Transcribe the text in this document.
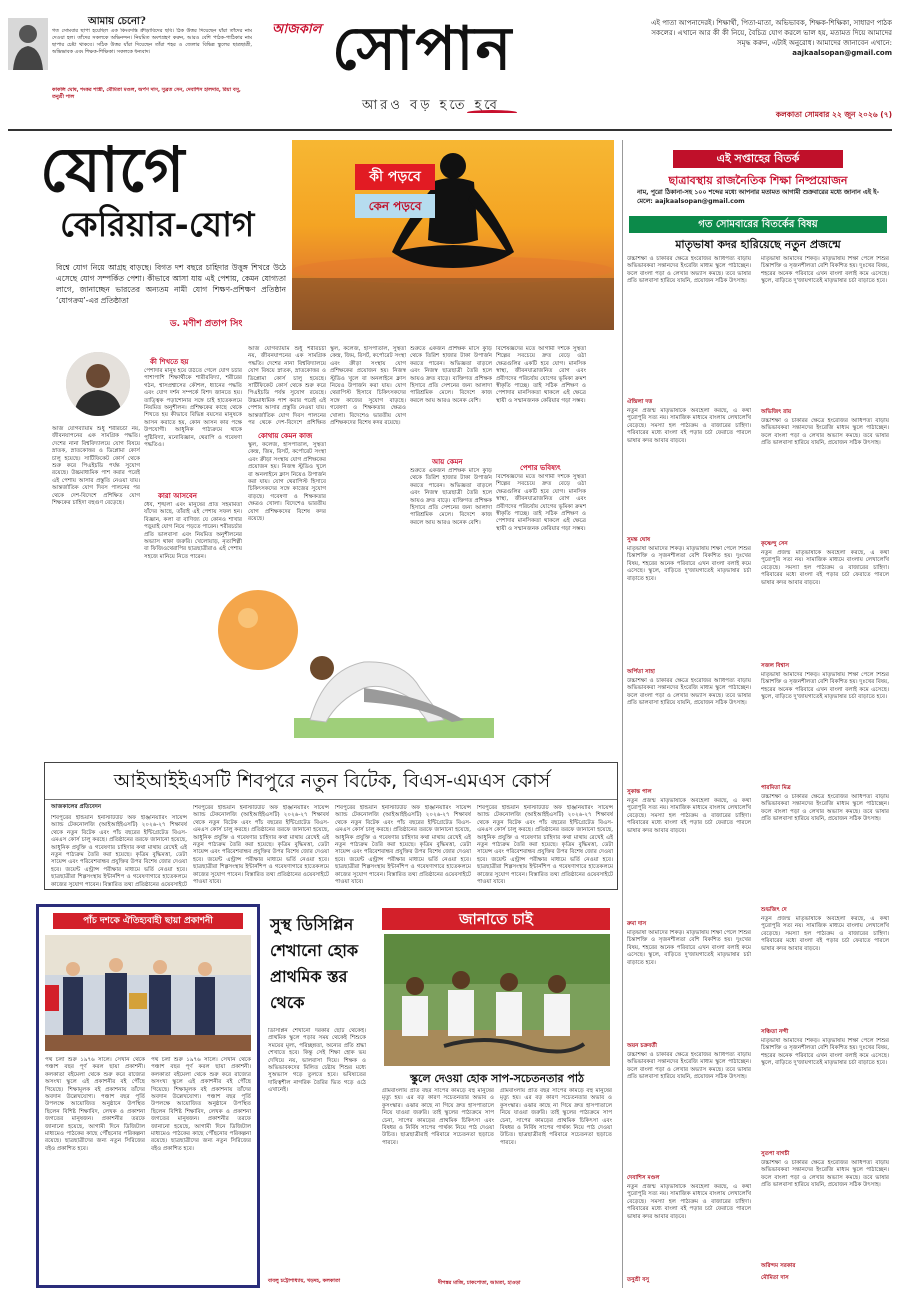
আমায় চেনো?
গত সোমবার ছাপা হয়েছিল এক কিংবদন্তি ক্রীড়াবিদের ছবি। ঠিক উত্তর দিয়েছেন যাঁরা তাঁদের নাম দেওয়া হল। তাঁদের সকলকে অভিনন্দন। নিয়মিত অংশগ্রহণ করুন, আরও বেশি পাঠক-পাঠিকার নাম ছাপার চেষ্টা থাকবে। সঠিক উত্তর যাঁরা দিয়েছেন তাঁরা শহর ও জেলার বিভিন্ন স্কুলের ছাত্রছাত্রী, অভিভাবক এবং শিক্ষক-শিক্ষিকা। সকলকে ধন্যবাদ।
কাকলি ঘোষ, শংকর শাস্ত্রী, মৌমিতা মণ্ডল, অর্পণ দাস, সুব্রত সেন, দেবাশিস হালদার, রিয়া বসু, তনুশ্রী পাল
আজকাল সোপান
আরও বড় হতে হবে
এই পাতা আপনাদেরই। শিক্ষার্থী, পিতা-মাতা, অভিভাবক, শিক্ষক-শিক্ষিকা, সাধারণ পাঠক সকলের। এখানে আর কী কী নিয়ে, বৈচিত্র যোগ করলে ভাল হয়, মতামত দিয়ে আমাদের সমৃদ্ধ করুন, এটাই অনুরোধ। আমাদের জানাবেন এখানে: aajkaalsopan@gmail.com
কলকাতা সোমবার ২২ জুন ২০২৬ (৭)
যোগে
কেরিয়ার-যোগ
বিশ্বে যোগ নিয়ে আগ্রহ বাড়ছে। বিগত দশ বছরে চাহিদার উত্তুঙ্গ শিখরে উঠে এসেছে যোগ সম্পর্কিত পেশা। কীভাবে আসা যায় এই পেশায়, কেমন যোগ্যতা লাগে, জানাচ্ছেন ভারতের অন্যতম নামী যোগ শিক্ষণ-প্রশিক্ষণ প্রতিষ্ঠান ‘যোগক্রম’-এর প্রতিষ্ঠাতা
ড. মণীশ প্রতাপ সিং
কী পড়বে
কেন পড়বে
কী শিখতে হয়
পেশাদার মানুষ হয়ে উঠতে গেলে যোগ চর্চার পাশাপাশি শিক্ষার্থীকে শারীরবিদ্যা, শরীরের গঠন, শ্বাসপ্রশ্বাসের কৌশল, ধ্যানের পদ্ধতি এবং যোগ দর্শন সম্পর্কে বিশদ জানতে হয়। তাত্ত্বিক পড়াশোনার সঙ্গে চাই হাতেকলমে নিয়মিত অনুশীলন। প্রশিক্ষকের কাছে থেকে শিখতে হয় কীভাবে বিভিন্ন বয়সের মানুষকে আসন করাতে হয়, কোন আসন কার পক্ষে উপযোগী। আধুনিক পাঠ্যক্রমে থাকে পুষ্টিবিদ্যা, মনোবিজ্ঞান, থেরাপি ও গবেষণা পদ্ধতিও।
আজ যোগব্যায়াম শুধু শরীরচর্চা নয়, জীবনযাপনের এক সামগ্রিক পদ্ধতি। দেশের নানা বিশ্ববিদ্যালয়ে যোগ বিষয়ে স্নাতক, স্নাতকোত্তর ও ডিপ্লোমা কোর্স চালু হয়েছে। সার্টিফিকেট কোর্স থেকে শুরু করে পিএইচডি পর্যন্ত সুযোগ রয়েছে। উচ্চমাধ্যমিক পাশ করার পরেই এই পেশায় আসার প্রস্তুতি নেওয়া যায়। আন্তর্জাতিক যোগ দিবস পালনের পর থেকে দেশ-বিদেশে প্রশিক্ষিত যোগ শিক্ষকের চাহিদা বহুগুণ বেড়েছে।
কারা আসবেন
ধৈর্য, শৃঙ্খলা এবং মানুষের প্রতি সহমর্মিতা যাঁদের আছে, তাঁরাই এই পেশায় সফল হন। বিজ্ঞান, কলা বা বাণিজ্য যে কোনও শাখার পড়ুয়াই যোগ নিয়ে পড়তে পারেন। শরীরচর্চার প্রতি ভালবাসা এবং নিয়মিত অনুশীলনের অভ্যাস থাকা জরুরি। খেলোয়াড়, নৃত্যশিল্পী বা ফিজিওথেরাপির ছাত্রছাত্রীরাও এই পেশায় সহজে মানিয়ে নিতে পারেন।
আজ যোগব্যায়াম শুধু শরীরচর্চা নয়, জীবনযাপনের এক সামগ্রিক পদ্ধতি। দেশের নানা বিশ্ববিদ্যালয়ে যোগ বিষয়ে স্নাতক, স্নাতকোত্তর ও ডিপ্লোমা কোর্স চালু হয়েছে। সার্টিফিকেট কোর্স থেকে শুরু করে পিএইচডি পর্যন্ত সুযোগ রয়েছে। উচ্চমাধ্যমিক পাশ করার পরেই এই পেশায় আসার প্রস্তুতি নেওয়া যায়। আন্তর্জাতিক যোগ দিবস পালনের পর থেকে দেশ-বিদেশে প্রশিক্ষিত
কোথায় কেমন কাজ
স্কুল, কলেজ, হাসপাতাল, সুস্থতা কেন্দ্র, জিম, রিসর্ট, কর্পোরেট সংস্থা এবং ক্রীড়া সংস্থায় যোগ প্রশিক্ষকের প্রয়োজন হয়। নিজস্ব স্টুডিও খুলে বা অনলাইনে ক্লাস নিয়েও উপার্জন করা যায়। যোগ থেরাপিস্ট হিসাবে চিকিৎসকদের সঙ্গে কাজের সুযোগ বাড়ছে। গবেষণা ও শিক্ষকতার ক্ষেত্রও খোলা। বিদেশেও ভারতীয় যোগ প্রশিক্ষকদের বিশেষ কদর রয়েছে।
স্কুল, কলেজ, হাসপাতাল, সুস্থতা কেন্দ্র, জিম, রিসর্ট, কর্পোরেট সংস্থা এবং ক্রীড়া সংস্থায় যোগ প্রশিক্ষকের প্রয়োজন হয়। নিজস্ব স্টুডিও খুলে বা অনলাইনে ক্লাস নিয়েও উপার্জন করা যায়। যোগ থেরাপিস্ট হিসাবে চিকিৎসকদের সঙ্গে কাজের সুযোগ বাড়ছে। গবেষণা ও শিক্ষকতার ক্ষেত্রও খোলা। বিদেশেও ভারতীয় যোগ প্রশিক্ষকদের বিশেষ কদর রয়েছে।
শুরুতে একজন প্রশিক্ষক মাসে কুড়ি থেকে তিরিশ হাজার টাকা উপার্জন করতে পারেন। অভিজ্ঞতা বাড়লে এবং নিজস্ব ছাত্রছাত্রী তৈরি হলে আয়ও দ্রুত বাড়ে। ব্যক্তিগত প্রশিক্ষক হিসাবে প্রতি সেশনের জন্য আলাদা পারিশ্রমিক মেলে। বিদেশে কাজ করলে আয় আরও অনেক বেশি।
আয় কেমন
শুরুতে একজন প্রশিক্ষক মাসে কুড়ি থেকে তিরিশ হাজার টাকা উপার্জন করতে পারেন। অভিজ্ঞতা বাড়লে এবং নিজস্ব ছাত্রছাত্রী তৈরি হলে আয়ও দ্রুত বাড়ে। ব্যক্তিগত প্রশিক্ষক হিসাবে প্রতি সেশনের জন্য আলাদা পারিশ্রমিক মেলে। বিদেশে কাজ করলে আয় আরও অনেক বেশি।
বিশেষজ্ঞদের মতে আগামী দশকে সুস্থতা শিল্পের সবচেয়ে দ্রুত বেড়ে ওঠা ক্ষেত্রগুলির একটি হবে যোগ। মানসিক স্বাস্থ্য, জীবনযাত্রাজনিত রোগ এবং প্রবীণদের পরিচর্যায় যোগের ভূমিকা ক্রমশ স্বীকৃতি পাচ্ছে। তাই সঠিক প্রশিক্ষণ ও পেশাদার মানসিকতা থাকলে এই ক্ষেত্রে স্থায়ী ও সম্মানজনক কেরিয়ার গড়া সম্ভব।
পেশার ভবিষ্যৎ
বিশেষজ্ঞদের মতে আগামী দশকে সুস্থতা শিল্পের সবচেয়ে দ্রুত বেড়ে ওঠা ক্ষেত্রগুলির একটি হবে যোগ। মানসিক স্বাস্থ্য, জীবনযাত্রাজনিত রোগ এবং প্রবীণদের পরিচর্যায় যোগের ভূমিকা ক্রমশ স্বীকৃতি পাচ্ছে। তাই সঠিক প্রশিক্ষণ ও পেশাদার মানসিকতা থাকলে এই ক্ষেত্রে স্থায়ী ও সম্মানজনক কেরিয়ার গড়া সম্ভব।
এই সপ্তাহের বিতর্ক
ছাত্রাবস্থায় রাজনৈতিক শিক্ষা নিষ্প্রয়োজন
নাম, পুরো ঠিকানা-সহ ১০০ শব্দের মধ্যে আপনার মতামত আগামী শুক্রবারের মধ্যে জানান এই ই-মেলে: aajkaalsopan@gmail.com
গত সোমবারের বিতর্কের বিষয়
মাতৃভাষা কদর হারিয়েছে নতুন প্রজন্মে
উচ্চশিক্ষা ও চাকরির ক্ষেত্রে ইংরেজির আধিপত্য বাড়ায় অভিভাবকরা সন্তানদের ইংরেজি মাধ্যম স্কুলে পাঠাচ্ছেন। ফলে বাংলা পড়া ও লেখার অভ্যাস কমছে। তবে ভাষার প্রতি ভালবাসা হারিয়ে যায়নি, প্রয়োজন সঠিক উৎসাহ।
ঐন্দ্রিলা দত্ত
নতুন প্রজন্ম মাতৃভাষাকে অবহেলা করছে, এ কথা পুরোপুরি সত্য নয়। সামাজিক মাধ্যমে বাংলায় লেখালেখি বেড়েছে। সমস্যা হল পাঠ্যক্রম ও বাজারের চাহিদা। পরিবারের মধ্যে বাংলা বই পড়ার চর্চা ফেরাতে পারলে ভাষার কদর আবার বাড়বে।
সুমন্ত ঘোষ
মাতৃভাষা আমাদের শিকড়। মাতৃভাষায় শিক্ষা পেলে শিশুর চিন্তাশক্তি ও সৃজনশীলতা বেশি বিকশিত হয়। দুঃখের বিষয়, শহরের অনেক পরিবারে এখন বাংলা বলাই কমে এসেছে। স্কুলে, বাড়িতে দু'জায়গাতেই মাতৃভাষার চর্চা বাড়াতে হবে।
অর্পিতা সাহা
উচ্চশিক্ষা ও চাকরির ক্ষেত্রে ইংরেজির আধিপত্য বাড়ায় অভিভাবকরা সন্তানদের ইংরেজি মাধ্যম স্কুলে পাঠাচ্ছেন। ফলে বাংলা পড়া ও লেখার অভ্যাস কমছে। তবে ভাষার প্রতি ভালবাসা হারিয়ে যায়নি, প্রয়োজন সঠিক উৎসাহ।
সুকান্ত পাল
নতুন প্রজন্ম মাতৃভাষাকে অবহেলা করছে, এ কথা পুরোপুরি সত্য নয়। সামাজিক মাধ্যমে বাংলায় লেখালেখি বেড়েছে। সমস্যা হল পাঠ্যক্রম ও বাজারের চাহিদা। পরিবারের মধ্যে বাংলা বই পড়ার চর্চা ফেরাতে পারলে ভাষার কদর আবার বাড়বে।
রুমা দাস
মাতৃভাষা আমাদের শিকড়। মাতৃভাষায় শিক্ষা পেলে শিশুর চিন্তাশক্তি ও সৃজনশীলতা বেশি বিকশিত হয়। দুঃখের বিষয়, শহরের অনেক পরিবারে এখন বাংলা বলাই কমে এসেছে। স্কুলে, বাড়িতে দু'জায়গাতেই মাতৃভাষার চর্চা বাড়াতে হবে।
অয়ন চক্রবর্তী
উচ্চশিক্ষা ও চাকরির ক্ষেত্রে ইংরেজির আধিপত্য বাড়ায় অভিভাবকরা সন্তানদের ইংরেজি মাধ্যম স্কুলে পাঠাচ্ছেন। ফলে বাংলা পড়া ও লেখার অভ্যাস কমছে। তবে ভাষার প্রতি ভালবাসা হারিয়ে যায়নি, প্রয়োজন সঠিক উৎসাহ।
দেবাশিস মণ্ডল
নতুন প্রজন্ম মাতৃভাষাকে অবহেলা করছে, এ কথা পুরোপুরি সত্য নয়। সামাজিক মাধ্যমে বাংলায় লেখালেখি বেড়েছে। সমস্যা হল পাঠ্যক্রম ও বাজারের চাহিদা। পরিবারের মধ্যে বাংলা বই পড়ার চর্চা ফেরাতে পারলে ভাষার কদর আবার বাড়বে।
তনুশ্রী বসু
মাতৃভাষা আমাদের শিকড়। মাতৃভাষায় শিক্ষা পেলে শিশুর চিন্তাশক্তি ও সৃজনশীলতা বেশি বিকশিত হয়। দুঃখের বিষয়, শহরের অনেক পরিবারে এখন বাংলা বলাই কমে এসেছে। স্কুলে, বাড়িতে দু'জায়গাতেই মাতৃভাষার চর্চা বাড়াতে হবে।
অভিজিৎ রায়
উচ্চশিক্ষা ও চাকরির ক্ষেত্রে ইংরেজির আধিপত্য বাড়ায় অভিভাবকরা সন্তানদের ইংরেজি মাধ্যম স্কুলে পাঠাচ্ছেন। ফলে বাংলা পড়া ও লেখার অভ্যাস কমছে। তবে ভাষার প্রতি ভালবাসা হারিয়ে যায়নি, প্রয়োজন সঠিক উৎসাহ।
কৃষ্ণেন্দু সেন
নতুন প্রজন্ম মাতৃভাষাকে অবহেলা করছে, এ কথা পুরোপুরি সত্য নয়। সামাজিক মাধ্যমে বাংলায় লেখালেখি বেড়েছে। সমস্যা হল পাঠ্যক্রম ও বাজারের চাহিদা। পরিবারের মধ্যে বাংলা বই পড়ার চর্চা ফেরাতে পারলে ভাষার কদর আবার বাড়বে।
সজল বিশ্বাস
মাতৃভাষা আমাদের শিকড়। মাতৃভাষায় শিক্ষা পেলে শিশুর চিন্তাশক্তি ও সৃজনশীলতা বেশি বিকশিত হয়। দুঃখের বিষয়, শহরের অনেক পরিবারে এখন বাংলা বলাই কমে এসেছে। স্কুলে, বাড়িতে দু'জায়গাতেই মাতৃভাষার চর্চা বাড়াতে হবে।
পারমিতা মিত্র
উচ্চশিক্ষা ও চাকরির ক্ষেত্রে ইংরেজির আধিপত্য বাড়ায় অভিভাবকরা সন্তানদের ইংরেজি মাধ্যম স্কুলে পাঠাচ্ছেন। ফলে বাংলা পড়া ও লেখার অভ্যাস কমছে। তবে ভাষার প্রতি ভালবাসা হারিয়ে যায়নি, প্রয়োজন সঠিক উৎসাহ।
শুভজিৎ দে
নতুন প্রজন্ম মাতৃভাষাকে অবহেলা করছে, এ কথা পুরোপুরি সত্য নয়। সামাজিক মাধ্যমে বাংলায় লেখালেখি বেড়েছে। সমস্যা হল পাঠ্যক্রম ও বাজারের চাহিদা। পরিবারের মধ্যে বাংলা বই পড়ার চর্চা ফেরাতে পারলে ভাষার কদর আবার বাড়বে।
সঞ্চিতা নন্দী
মাতৃভাষা আমাদের শিকড়। মাতৃভাষায় শিক্ষা পেলে শিশুর চিন্তাশক্তি ও সৃজনশীলতা বেশি বিকশিত হয়। দুঃখের বিষয়, শহরের অনেক পরিবারে এখন বাংলা বলাই কমে এসেছে। স্কুলে, বাড়িতে দু'জায়গাতেই মাতৃভাষার চর্চা বাড়াতে হবে।
সুতপা বাগচী
উচ্চশিক্ষা ও চাকরির ক্ষেত্রে ইংরেজির আধিপত্য বাড়ায় অভিভাবকরা সন্তানদের ইংরেজি মাধ্যম স্কুলে পাঠাচ্ছেন। ফলে বাংলা পড়া ও লেখার অভ্যাস কমছে। তবে ভাষার প্রতি ভালবাসা হারিয়ে যায়নি, প্রয়োজন সঠিক উৎসাহ।
অরিন্দম সরকার
মৌমিতা দাস
আইআইইএসটি শিবপুরে নতুন বিটেক, বিএস-এমএস কোর্স
আজকালের প্রতিবেদন
শিবপুরের ইন্ডিয়ান ইনস্টিটিউট অফ ইঞ্জিনিয়ারিং সায়েন্স অ্যান্ড টেকনোলজি (আইআইইএসটি) ২০২৬-২৭ শিক্ষাবর্ষ থেকে নতুন বিটেক এবং পাঁচ বছরের ইন্টিগ্রেটেড বিএস-এমএস কোর্স চালু করছে। প্রতিষ্ঠানের তরফে জানানো হয়েছে, আধুনিক প্রযুক্তি ও গবেষণার চাহিদার কথা মাথায় রেখেই এই নতুন পাঠ্যক্রম তৈরি করা হয়েছে। কৃত্রিম বুদ্ধিমত্তা, ডেটা সায়েন্স এবং পরিবেশবান্ধব প্রযুক্তির উপর বিশেষ জোর দেওয়া হবে। জয়েন্ট এন্ট্রান্স পরীক্ষার মাধ্যমে ভর্তি নেওয়া হবে। ছাত্রছাত্রীরা শিল্পসংস্থায় ইন্টার্নশিপ ও গবেষণাগারে হাতেকলমে কাজের সুযোগ পাবেন। বিস্তারিত তথ্য প্রতিষ্ঠানের ওয়েবসাইটে
শিবপুরের ইন্ডিয়ান ইনস্টিটিউট অফ ইঞ্জিনিয়ারিং সায়েন্স অ্যান্ড টেকনোলজি (আইআইইএসটি) ২০২৬-২৭ শিক্ষাবর্ষ থেকে নতুন বিটেক এবং পাঁচ বছরের ইন্টিগ্রেটেড বিএস-এমএস কোর্স চালু করছে। প্রতিষ্ঠানের তরফে জানানো হয়েছে, আধুনিক প্রযুক্তি ও গবেষণার চাহিদার কথা মাথায় রেখেই এই নতুন পাঠ্যক্রম তৈরি করা হয়েছে। কৃত্রিম বুদ্ধিমত্তা, ডেটা সায়েন্স এবং পরিবেশবান্ধব প্রযুক্তির উপর বিশেষ জোর দেওয়া হবে। জয়েন্ট এন্ট্রান্স পরীক্ষার মাধ্যমে ভর্তি নেওয়া হবে। ছাত্রছাত্রীরা শিল্পসংস্থায় ইন্টার্নশিপ ও গবেষণাগারে হাতেকলমে কাজের সুযোগ পাবেন। বিস্তারিত তথ্য প্রতিষ্ঠানের ওয়েবসাইটে পাওয়া যাবে।
শিবপুরের ইন্ডিয়ান ইনস্টিটিউট অফ ইঞ্জিনিয়ারিং সায়েন্স অ্যান্ড টেকনোলজি (আইআইইএসটি) ২০২৬-২৭ শিক্ষাবর্ষ থেকে নতুন বিটেক এবং পাঁচ বছরের ইন্টিগ্রেটেড বিএস-এমএস কোর্স চালু করছে। প্রতিষ্ঠানের তরফে জানানো হয়েছে, আধুনিক প্রযুক্তি ও গবেষণার চাহিদার কথা মাথায় রেখেই এই নতুন পাঠ্যক্রম তৈরি করা হয়েছে। কৃত্রিম বুদ্ধিমত্তা, ডেটা সায়েন্স এবং পরিবেশবান্ধব প্রযুক্তির উপর বিশেষ জোর দেওয়া হবে। জয়েন্ট এন্ট্রান্স পরীক্ষার মাধ্যমে ভর্তি নেওয়া হবে। ছাত্রছাত্রীরা শিল্পসংস্থায় ইন্টার্নশিপ ও গবেষণাগারে হাতেকলমে কাজের সুযোগ পাবেন। বিস্তারিত তথ্য প্রতিষ্ঠানের ওয়েবসাইটে পাওয়া যাবে।
শিবপুরের ইন্ডিয়ান ইনস্টিটিউট অফ ইঞ্জিনিয়ারিং সায়েন্স অ্যান্ড টেকনোলজি (আইআইইএসটি) ২০২৬-২৭ শিক্ষাবর্ষ থেকে নতুন বিটেক এবং পাঁচ বছরের ইন্টিগ্রেটেড বিএস-এমএস কোর্স চালু করছে। প্রতিষ্ঠানের তরফে জানানো হয়েছে, আধুনিক প্রযুক্তি ও গবেষণার চাহিদার কথা মাথায় রেখেই এই নতুন পাঠ্যক্রম তৈরি করা হয়েছে। কৃত্রিম বুদ্ধিমত্তা, ডেটা সায়েন্স এবং পরিবেশবান্ধব প্রযুক্তির উপর বিশেষ জোর দেওয়া হবে। জয়েন্ট এন্ট্রান্স পরীক্ষার মাধ্যমে ভর্তি নেওয়া হবে। ছাত্রছাত্রীরা শিল্পসংস্থায় ইন্টার্নশিপ ও গবেষণাগারে হাতেকলমে কাজের সুযোগ পাবেন। বিস্তারিত তথ্য প্রতিষ্ঠানের ওয়েবসাইটে পাওয়া যাবে।
পাঁচ দশকে ঐতিহ্যবাহী ছায়া প্রকাশনী
পথ চলা শুরু ১৯৭৬ সালে। সেখান থেকে পঞ্চাশ বছর পূর্ণ করল ছায়া প্রকাশনী। কলকাতা বইমেলা থেকে শুরু করে রাজ্যের অসংখ্য স্কুলে এই প্রকাশনীর বই পৌঁছে গিয়েছে। শিক্ষামূলক বই প্রকাশনায় তাঁদের অবদান উল্লেখযোগ্য। পঞ্চাশ বছর পূর্তি উপলক্ষে আয়োজিত অনুষ্ঠানে উপস্থিত ছিলেন বিশিষ্ট শিক্ষাবিদ, লেখক ও প্রকাশনা জগতের মানুষজন। প্রকাশনীর তরফে জানানো হয়েছে, আগামী দিনে ডিজিটাল মাধ্যমেও পাঠকের কাছে পৌঁছনোর পরিকল্পনা রয়েছে। ছাত্রছাত্রীদের জন্য নতুন সিরিজের বইও প্রকাশিত হবে।
পথ চলা শুরু ১৯৭৬ সালে। সেখান থেকে পঞ্চাশ বছর পূর্ণ করল ছায়া প্রকাশনী। কলকাতা বইমেলা থেকে শুরু করে রাজ্যের অসংখ্য স্কুলে এই প্রকাশনীর বই পৌঁছে গিয়েছে। শিক্ষামূলক বই প্রকাশনায় তাঁদের অবদান উল্লেখযোগ্য। পঞ্চাশ বছর পূর্তি উপলক্ষে আয়োজিত অনুষ্ঠানে উপস্থিত ছিলেন বিশিষ্ট শিক্ষাবিদ, লেখক ও প্রকাশনা জগতের মানুষজন। প্রকাশনীর তরফে জানানো হয়েছে, আগামী দিনে ডিজিটাল মাধ্যমেও পাঠকের কাছে পৌঁছনোর পরিকল্পনা রয়েছে। ছাত্রছাত্রীদের জন্য নতুন সিরিজের বইও প্রকাশিত হবে।
সুস্থ ডিসিপ্লিন শেখানো হোক প্রাথমিক স্তর থেকে
ডিসিপ্লিন শেখানো দরকার ছোট থেকেই। প্রাথমিক স্কুলে পড়ার সময় থেকেই শিশুকে সময়ের মূল্য, পরিচ্ছন্নতা, অন্যের প্রতি শ্রদ্ধা শেখাতে হবে। কিন্তু সেই শিক্ষা হোক ভয় দেখিয়ে নয়, ভালবাসা দিয়ে। শিক্ষক ও অভিভাবকদের মিলিত চেষ্টায় শিশুর মধ্যে সুঅভ্যাস গড়ে তুলতে হবে। ভবিষ্যতের দায়িত্বশীল নাগরিক তৈরির ভিত গড়ে ওঠে এখানেই।
বাবলু চট্টোপাধ্যায়, খড়দহ, কলকাতা
জানাতে চাই
স্কুলে দেওয়া হোক সাপ-সচেতনতার পাঠ
গ্রামবাংলায় প্রতি বছর সাপের কামড়ে বহু মানুষের মৃত্যু হয়। এর বড় কারণ সচেতনতার অভাব ও কুসংস্কার। ওঝার কাছে না গিয়ে দ্রুত হাসপাতালে নিয়ে যাওয়া জরুরি। তাই স্কুলের পাঠ্যক্রমে সাপ চেনা, সাপের কামড়ের প্রাথমিক চিকিৎসা এবং বিষধর ও নির্বিষ সাপের পার্থক্য নিয়ে পাঠ দেওয়া উচিত। ছাত্রছাত্রীরাই পরিবারে সচেতনতা ছড়াতে পারবে।
গ্রামবাংলায় প্রতি বছর সাপের কামড়ে বহু মানুষের মৃত্যু হয়। এর বড় কারণ সচেতনতার অভাব ও কুসংস্কার। ওঝার কাছে না গিয়ে দ্রুত হাসপাতালে নিয়ে যাওয়া জরুরি। তাই স্কুলের পাঠ্যক্রমে সাপ চেনা, সাপের কামড়ের প্রাথমিক চিকিৎসা এবং বিষধর ও নির্বিষ সাপের পার্থক্য নিয়ে পাঠ দেওয়া উচিত। ছাত্রছাত্রীরাই পরিবারে সচেতনতা ছড়াতে পারবে।
দীপঙ্কর মাজি, চাকপোতা, আমতা, হাওড়া
